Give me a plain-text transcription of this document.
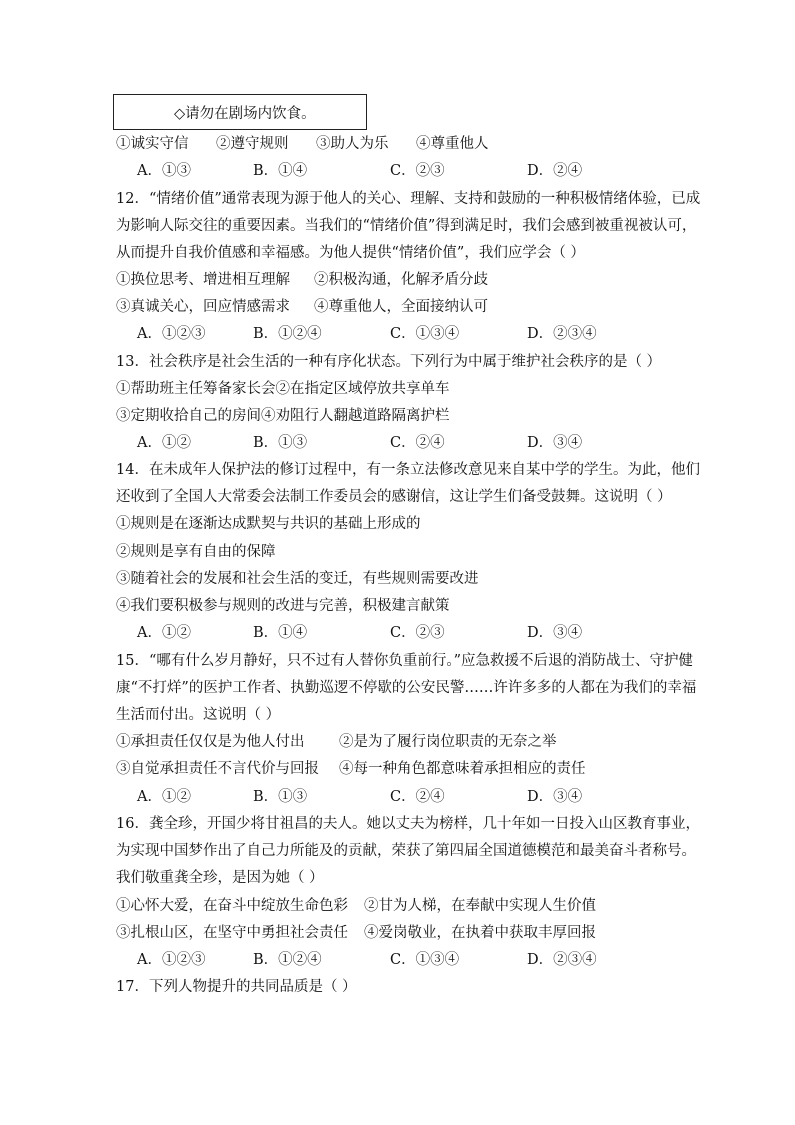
◇请勿在剧场内饮食。
①诚实守信 ②遵守规则 ③助人为乐 ④尊重他人
A．①③	B．①④	C．②③	D．②④
12．“情绪价值”通常表现为源于他人的关心、理解、支持和鼓励的一种积极情绪体验，已成
为影响人际交往的重要因素。当我们的“情绪价值”得到满足时，我们会感到被重视被认可，
从而提升自我价值感和幸福感。为他人提供“情绪价值”，我们应学会（ ）
①换位思考、增进相互理解 ②积极沟通，化解矛盾分歧
③真诚关心，回应情感需求 ④尊重他人，全面接纳认可
A．①②③	B．①②④	C．①③④	D．②③④
13．社会秩序是社会生活的一种有序化状态。下列行为中属于维护社会秩序的是（ ）
①帮助班主任筹备家长会②在指定区域停放共享单车
③定期收拾自己的房间④劝阻行人翻越道路隔离护栏
A．①②	B．①③	C．②④	D．③④
14．在未成年人保护法的修订过程中，有一条立法修改意见来自某中学的学生。为此，他们
还收到了全国人大常委会法制工作委员会的感谢信，这让学生们备受鼓舞。这说明（ ）
①规则是在逐渐达成默契与共识的基础上形成的
②规则是享有自由的保障
③随着社会的发展和社会生活的变迁，有些规则需要改进
④我们要积极参与规则的改进与完善，积极建言献策
A．①②	B．①④	C．②③	D．③④
15．“哪有什么岁月静好，只不过有人替你负重前行。”应急救援不后退的消防战士、守护健
康“不打烊”的医护工作者、执勤巡逻不停歇的公安民警……许许多多的人都在为我们的幸福
生活而付出。这说明（ ）
①承担责任仅仅是为他人付出 ②是为了履行岗位职责的无奈之举
③自觉承担责任不言代价与回报 ④每一种角色都意味着承担相应的责任
A．①②	B．①③	C．②④	D．③④
16．龚全珍，开国少将甘祖昌的夫人。她以丈夫为榜样，几十年如一日投入山区教育事业，
为实现中国梦作出了自己力所能及的贡献，荣获了第四届全国道德模范和最美奋斗者称号。
我们敬重龚全珍，是因为她（ ）
①心怀大爱，在奋斗中绽放生命色彩 ②甘为人梯，在奉献中实现人生价值
③扎根山区，在坚守中勇担社会责任 ④爱岗敬业，在执着中获取丰厚回报
A．①②③	B．①②④	C．①③④	D．②③④
17．下列人物提升的共同品质是（ ）
